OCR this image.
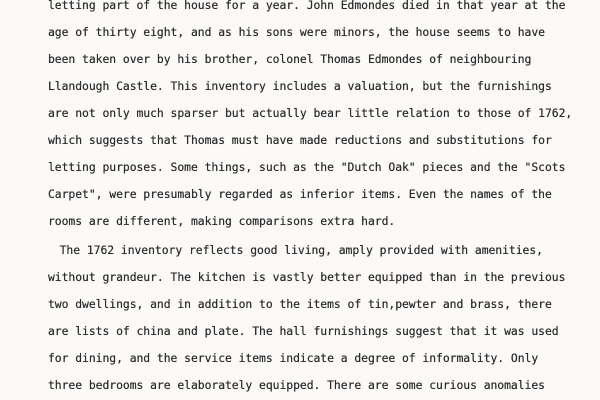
letting part of the house for a year. John Edmondes died in that year at the
age of thirty eight, and as his sons were minors, the house seems to have
been taken over by his brother, colonel Thomas Edmondes of neighbouring
Llandough Castle. This inventory includes a valuation, but the furnishings
are not only much sparser but actually bear little relation to those of 1762,
which suggests that Thomas must have made reductions and substitutions for
letting purposes. Some things, such as the "Dutch Oak" pieces and the "Scots
Carpet", were presumably regarded as inferior items. Even the names of the
rooms are different, making comparisons extra hard.
The 1762 inventory reflects good living, amply provided with amenities,
without grandeur. The kitchen is vastly better equipped than in the previous
two dwellings, and in addition to the items of tin,pewter and brass, there
are lists of china and plate. The hall furnishings suggest that it was used
for dining, and the service items indicate a degree of informality. Only
three bedrooms are elaborately equipped. There are some curious anomalies
